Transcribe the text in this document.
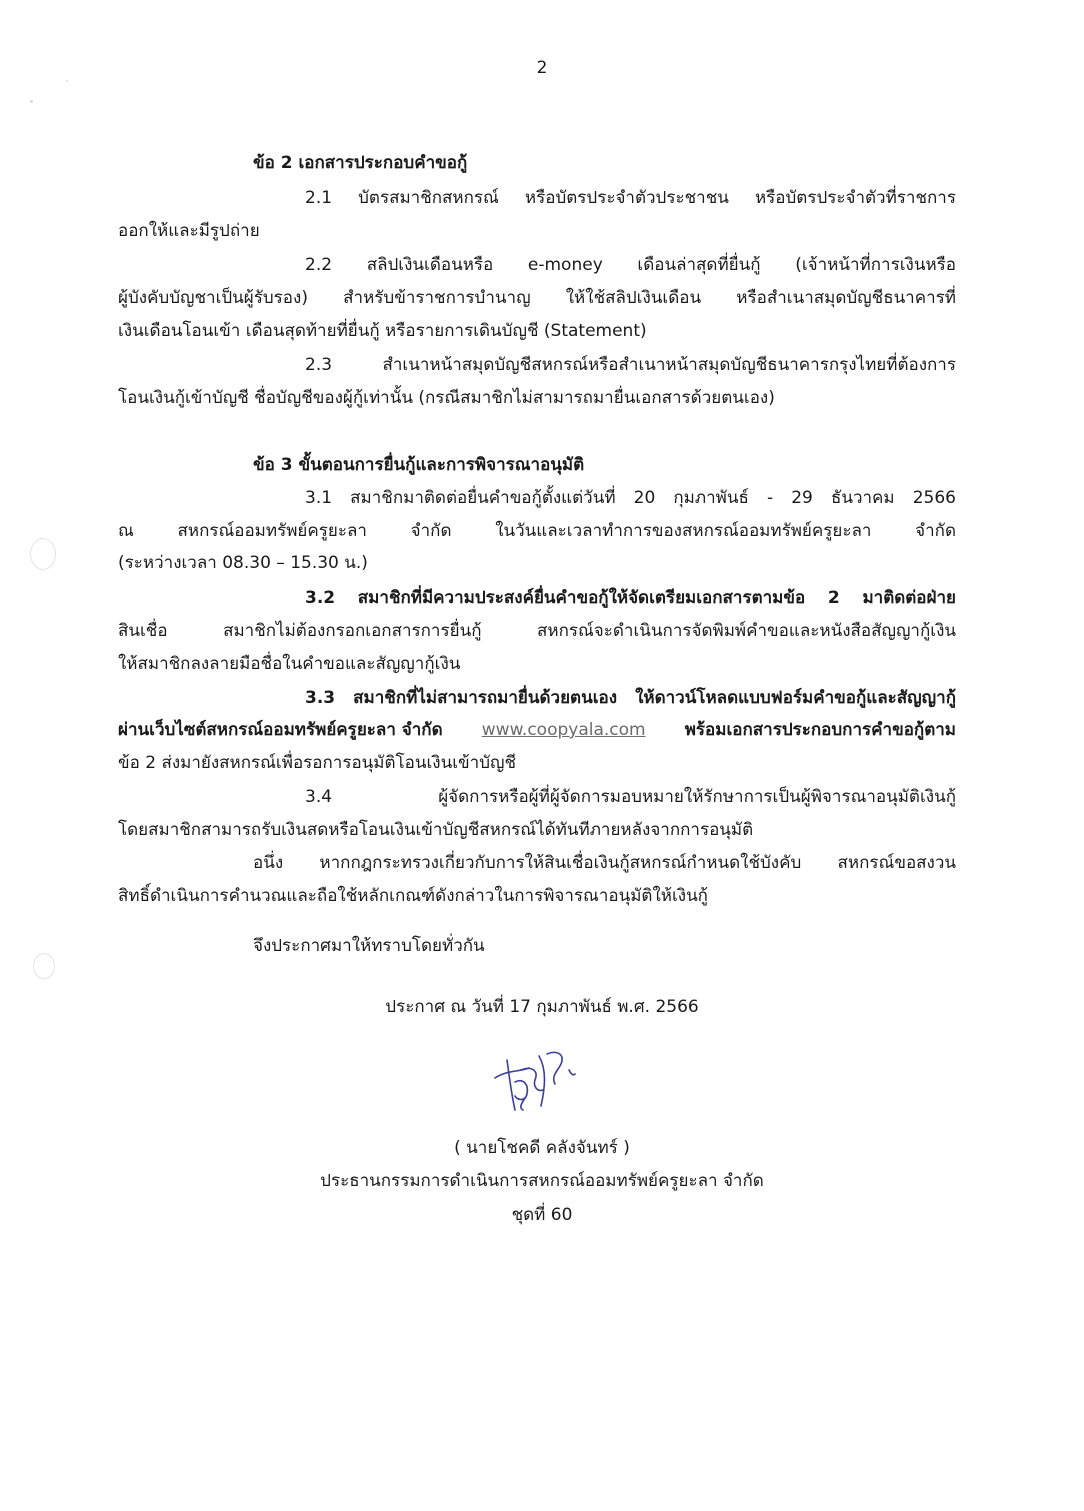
2
ข้อ 2 เอกสารประกอบคำขอกู้
2.1 บัตรสมาชิกสหกรณ์ หรือบัตรประจำตัวประชาชน หรือบัตรประจำตัวที่ราชการ
ออกให้และมีรูปถ่าย
2.2 สลิปเงินเดือนหรือ e-money เดือนล่าสุดที่ยื่นกู้ (เจ้าหน้าที่การเงินหรือ
ผู้บังคับบัญชาเป็นผู้รับรอง) สำหรับข้าราชการบำนาญ ให้ใช้สลิปเงินเดือน หรือสำเนาสมุดบัญชีธนาคารที่
เงินเดือนโอนเข้า เดือนสุดท้ายที่ยื่นกู้ หรือรายการเดินบัญชี (Statement)
2.3 สำเนาหน้าสมุดบัญชีสหกรณ์หรือสำเนาหน้าสมุดบัญชีธนาคารกรุงไทยที่ต้องการ
โอนเงินกู้เข้าบัญชี ชื่อบัญชีของผู้กู้เท่านั้น (กรณีสมาชิกไม่สามารถมายื่นเอกสารด้วยตนเอง)
ข้อ 3 ขั้นตอนการยื่นกู้และการพิจารณาอนุมัติ
3.1 สมาชิกมาติดต่อยื่นคำขอกู้ตั้งแต่วันที่ 20 กุมภาพันธ์ - 29 ธันวาคม 2566
ณ สหกรณ์ออมทรัพย์ครูยะลา จำกัด ในวันและเวลาทำการของสหกรณ์ออมทรัพย์ครูยะลา จำกัด
(ระหว่างเวลา 08.30 – 15.30 น.)
3.2 สมาชิกที่มีความประสงค์ยื่นคำขอกู้ให้จัดเตรียมเอกสารตามข้อ 2 มาติดต่อฝ่าย
สินเชื่อ สมาชิกไม่ต้องกรอกเอกสารการยื่นกู้ สหกรณ์จะดำเนินการจัดพิมพ์คำขอและหนังสือสัญญากู้เงิน
ให้สมาชิกลงลายมือชื่อในคำขอและสัญญากู้เงิน
3.3 สมาชิกที่ไม่สามารถมายื่นด้วยตนเอง ให้ดาวน์โหลดแบบฟอร์มคำขอกู้และสัญญากู้
ผ่านเว็บไซต์สหกรณ์ออมทรัพย์ครูยะลา จำกัด www.coopyala.com พร้อมเอกสารประกอบการคำขอกู้ตาม
ข้อ 2 ส่งมายังสหกรณ์เพื่อรอการอนุมัติโอนเงินเข้าบัญชี
3.4 ผู้จัดการหรือผู้ที่ผู้จัดการมอบหมายให้รักษาการเป็นผู้พิจารณาอนุมัติเงินกู้
โดยสมาชิกสามารถรับเงินสดหรือโอนเงินเข้าบัญชีสหกรณ์ได้ทันทีภายหลังจากการอนุมัติ
อนึ่ง หากกฎกระทรวงเกี่ยวกับการให้สินเชื่อเงินกู้สหกรณ์กำหนดใช้บังคับ สหกรณ์ขอสงวน
สิทธิ์ดำเนินการคำนวณและถือใช้หลักเกณฑ์ดังกล่าวในการพิจารณาอนุมัติให้เงินกู้
จึงประกาศมาให้ทราบโดยทั่วกัน
ประกาศ ณ วันที่ 17 กุมภาพันธ์ พ.ศ. 2566
( นายโชคดี คลังจันทร์ )
ประธานกรรมการดำเนินการสหกรณ์ออมทรัพย์ครูยะลา จำกัด
ชุดที่ 60
